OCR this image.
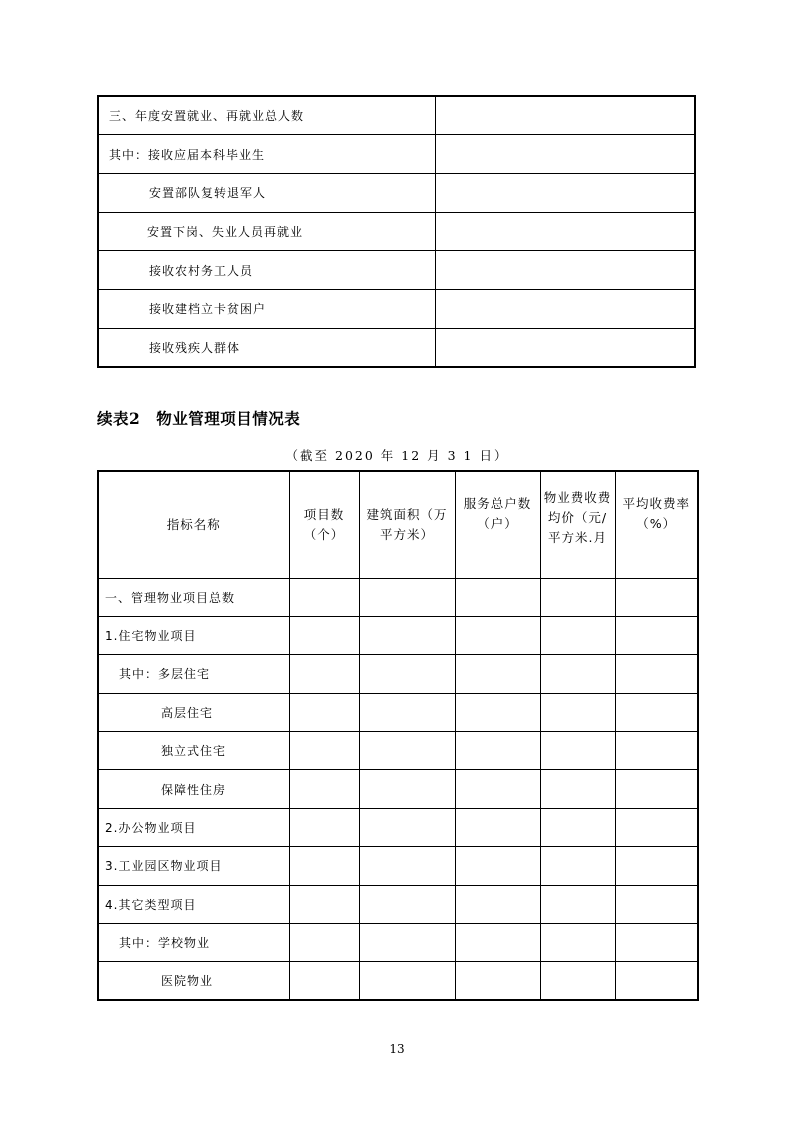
三、年度安置就业、再就业总人数	
其中：接收应届本科毕业生	
安置部队复转退军人	
安置下岗、失业人员再就业	
接收农村务工人员	
接收建档立卡贫困户	
接收残疾人群体	
续表2 物业管理项目情况表
（截至 2020 年 12 月 3 1 日）
指标名称	项目数（个）	建筑面积（万平方米）	服务总户数（户）	物业费收费均价（元/平方米.月	平均收费率（%）
一、管理物业项目总数					
1.住宅物业项目					
其中：多层住宅					
高层住宅					
独立式住宅					
保障性住房					
2.办公物业项目					
3.工业园区物业项目					
4.其它类型项目					
其中：学校物业					
医院物业					
13
